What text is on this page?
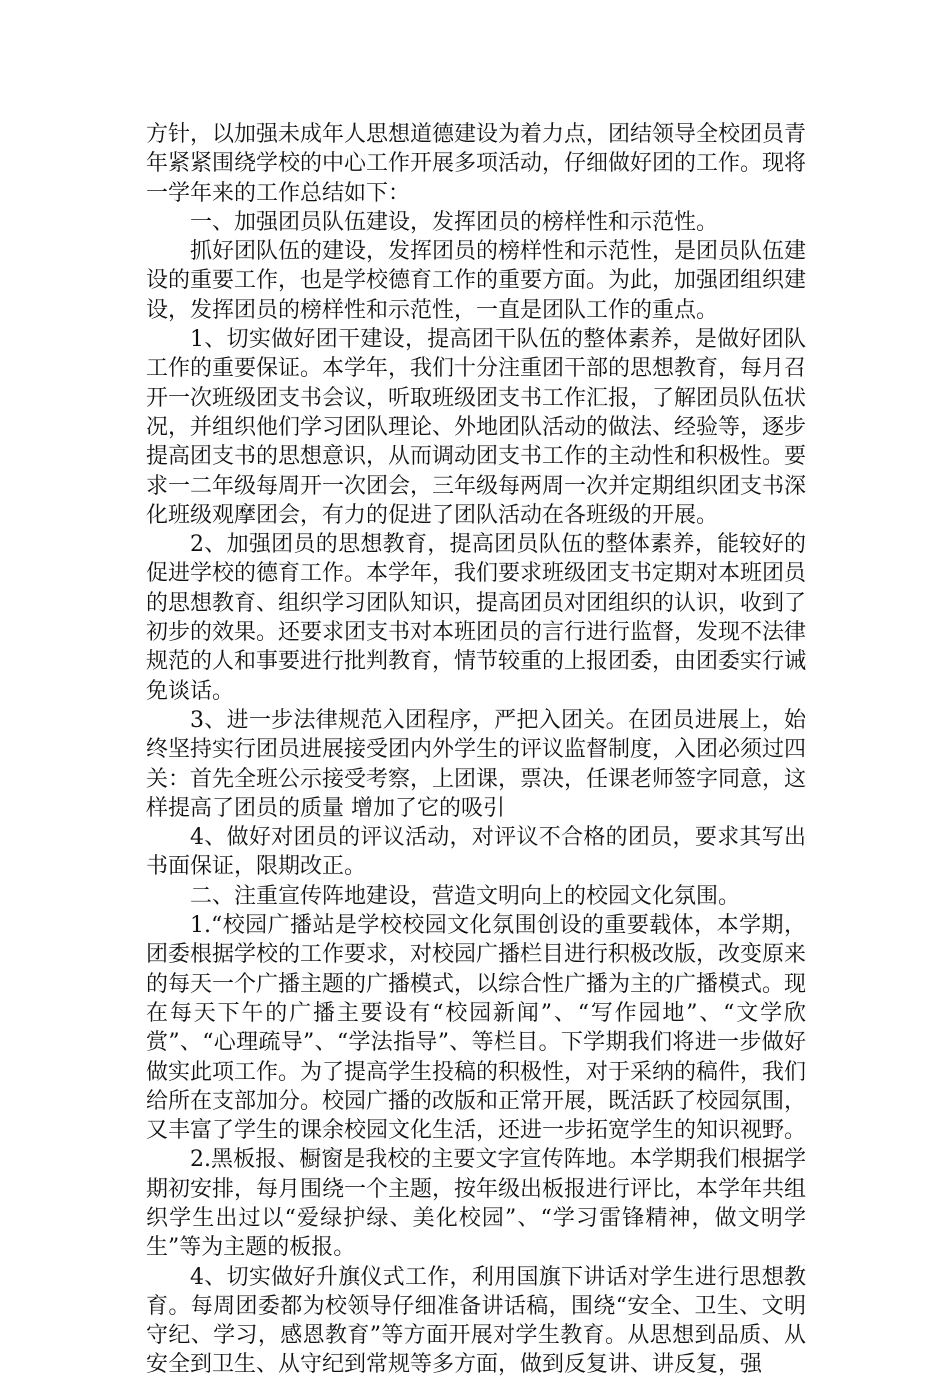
方针，以加强未成年人思想道德建设为着力点，团结领导全校团员青年紧紧围绕学校的中心工作开展多项活动，仔细做好团的工作。现将一学年来的工作总结如下：

一、加强团员队伍建设，发挥团员的榜样性和示范性。

抓好团队伍的建设，发挥团员的榜样性和示范性，是团员队伍建设的重要工作，也是学校德育工作的重要方面。为此，加强团组织建设，发挥团员的榜样性和示范性，一直是团队工作的重点。

1、切实做好团干建设，提高团干队伍的整体素养，是做好团队工作的重要保证。本学年，我们十分注重团干部的思想教育，每月召开一次班级团支书会议，听取班级团支书工作汇报，了解团员队伍状况，并组织他们学习团队理论、外地团队活动的做法、经验等，逐步提高团支书的思想意识，从而调动团支书工作的主动性和积极性。要求一二年级每周开一次团会，三年级每两周一次并定期组织团支书深化班级观摩团会，有力的促进了团队活动在各班级的开展。

2、加强团员的思想教育，提高团员队伍的整体素养，能较好的促进学校的德育工作。本学年，我们要求班级团支书定期对本班团员的思想教育、组织学习团队知识，提高团员对团组织的认识，收到了初步的效果。还要求团支书对本班团员的言行进行监督，发现不法律规范的人和事要进行批判教育，情节较重的上报团委，由团委实行诫免谈话。

3、进一步法律规范入团程序，严把入团关。在团员进展上，始终坚持实行团员进展接受团内外学生的评议监督制度，入团必须过四关：首先全班公示接受考察，上团课，票决，任课老师签字同意，这样提高了团员的质量 增加了它的吸引

4、做好对团员的评议活动，对评议不合格的团员，要求其写出书面保证，限期改正。

二、注重宣传阵地建设，营造文明向上的校园文化氛围。

1.“校园广播站是学校校园文化氛围创设的重要载体，本学期，团委根据学校的工作要求，对校园广播栏目进行积极改版，改变原来的每天一个广播主题的广播模式，以综合性广播为主的广播模式。现在每天下午的广播主要设有“校园新闻”、“写作园地”、“文学欣赏”、“心理疏导”、“学法指导”、等栏目。下学期我们将进一步做好做实此项工作。为了提高学生投稿的积极性，对于采纳的稿件，我们给所在支部加分。校园广播的改版和正常开展，既活跃了校园氛围，又丰富了学生的课余校园文化生活，还进一步拓宽学生的知识视野。

2.黑板报、橱窗是我校的主要文字宣传阵地。本学期我们根据学期初安排，每月围绕一个主题，按年级出板报进行评比，本学年共组织学生出过以“爱绿护绿、美化校园”、“学习雷锋精神，做文明学生”等为主题的板报。

4、切实做好升旗仪式工作，利用国旗下讲话对学生进行思想教育。每周团委都为校领导仔细准备讲话稿，围绕“安全、卫生、文明守纪、学习，感恩教育”等方面开展对学生教育。从思想到品质、从安全到卫生、从守纪到常规等多方面，做到反复讲、讲反复，强
